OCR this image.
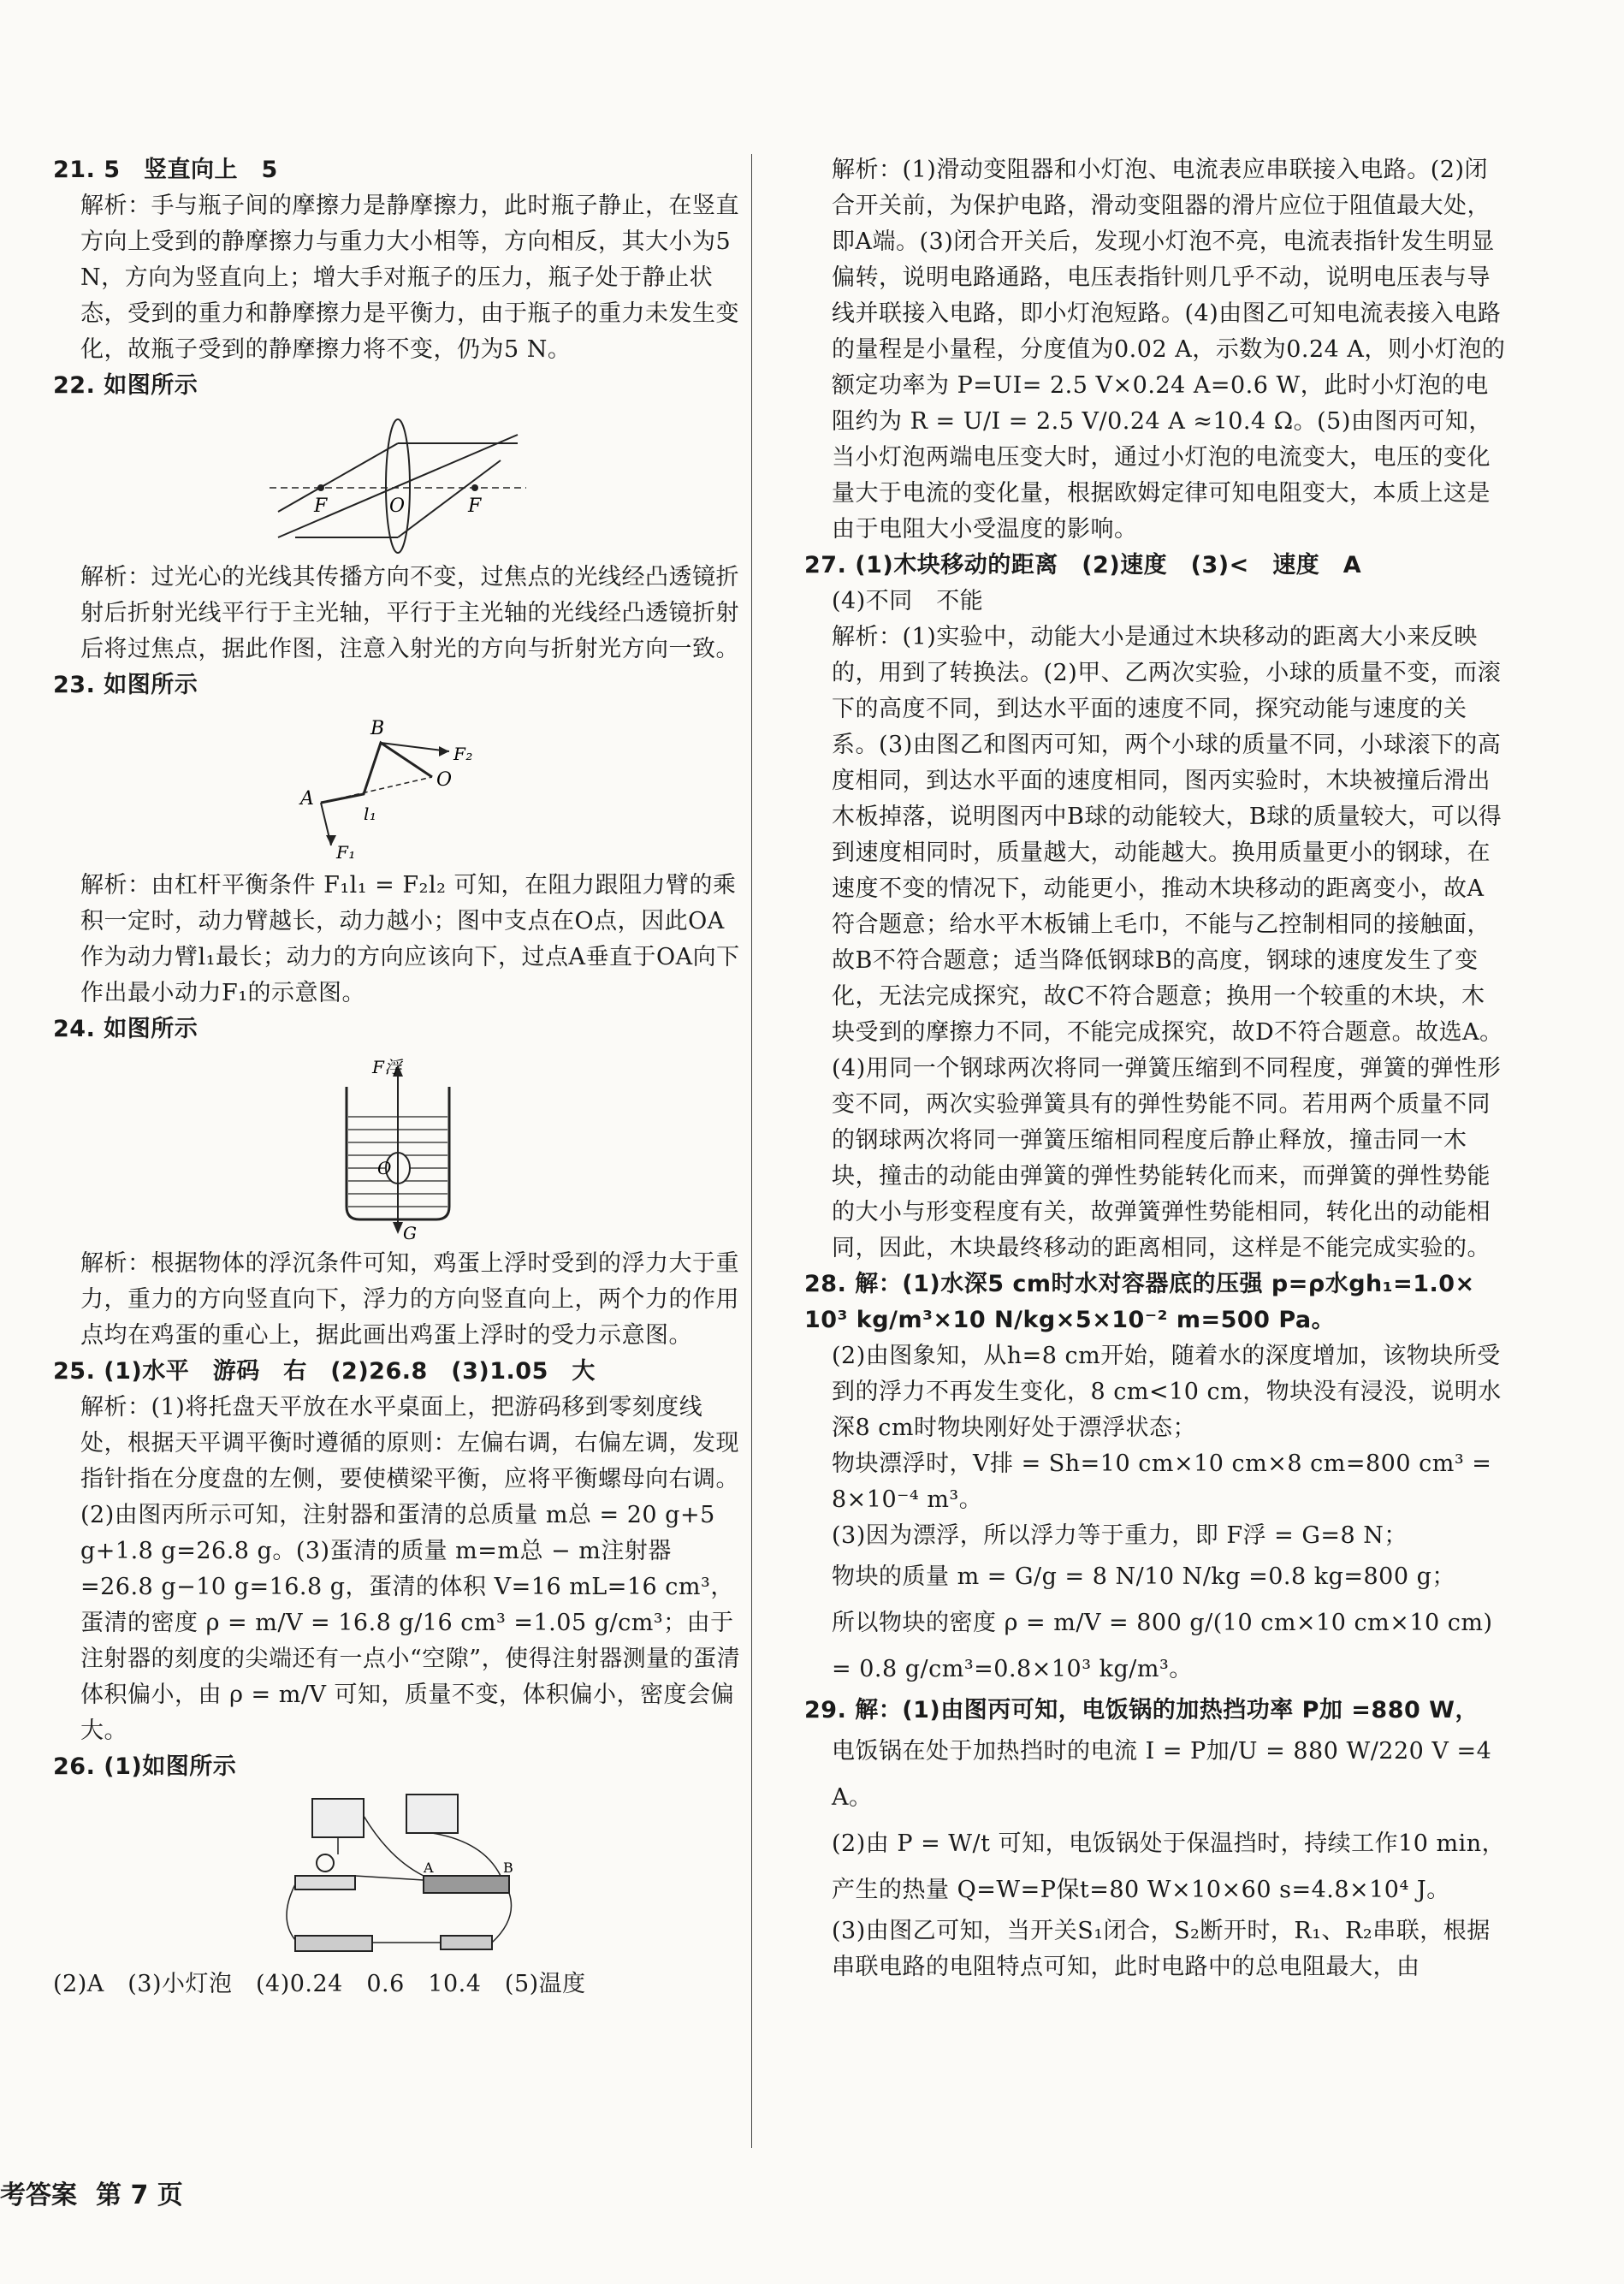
21. 5　竖直向上　5

解析：手与瓶子间的摩擦力是静摩擦力，此时瓶子静止，在竖直方向上受到的静摩擦力与重力大小相等，方向相反，其大小为5 N，方向为竖直向上；增大手对瓶子的压力，瓶子处于静止状态，受到的重力和静摩擦力是平衡力，由于瓶子的重力未发生变化，故瓶子受到的静摩擦力将不变，仍为5 N。

22. 如图所示

F	O	F

解析：过光心的光线其传播方向不变，过焦点的光线经凸透镜折射后折射光线平行于主光轴，平行于主光轴的光线经凸透镜折射后将过焦点，据此作图，注意入射光的方向与折射光方向一致。

23. 如图所示

B
O
A
F₂
F₁
l₁

解析：由杠杆平衡条件 F₁l₁ = F₂l₂ 可知，在阻力跟阻力臂的乘积一定时，动力臂越长，动力越小；图中支点在O点，因此OA作为动力臂l₁最长；动力的方向应该向下，过点A垂直于OA向下作出最小动力F₁的示意图。

24. 如图所示

F浮
G
O

解析：根据物体的浮沉条件可知，鸡蛋上浮时受到的浮力大于重力，重力的方向竖直向下，浮力的方向竖直向上，两个力的作用点均在鸡蛋的重心上，据此画出鸡蛋上浮时的受力示意图。

25. (1)水平　游码　右　(2)26.8　(3)1.05　大

解析：(1)将托盘天平放在水平桌面上，把游码移到零刻度线处，根据天平调平衡时遵循的原则：左偏右调，右偏左调，发现指针指在分度盘的左侧，要使横梁平衡，应将平衡螺母向右调。(2)由图丙所示可知，注射器和蛋清的总质量 m总 = 20 g+5 g+1.8 g=26.8 g。(3)蛋清的质量 m=m总 − m注射器 =26.8 g−10 g=16.8 g，蛋清的体积 V=16 mL=16 cm³，蛋清的密度 ρ = m/V = 16.8 g/16 cm³ =1.05 g/cm³；由于注射器的刻度的尖端还有一点小“空隙”，使得注射器测量的蛋清体积偏小，由 ρ = m/V 可知，质量不变，体积偏小，密度会偏大。

26. (1)如图所示

A	B

(2)A　(3)小灯泡　(4)0.24　0.6　10.4　(5)温度

解析：(1)滑动变阻器和小灯泡、电流表应串联接入电路。(2)闭合开关前，为保护电路，滑动变阻器的滑片应位于阻值最大处，即A端。(3)闭合开关后，发现小灯泡不亮，电流表指针发生明显偏转，说明电路通路，电压表指针则几乎不动，说明电压表与导线并联接入电路，即小灯泡短路。(4)由图乙可知电流表接入电路的量程是小量程，分度值为0.02 A，示数为0.24 A，则小灯泡的额定功率为 P=UI= 2.5 V×0.24 A=0.6 W，此时小灯泡的电阻约为 R = U/I = 2.5 V/0.24 A ≈10.4 Ω。(5)由图丙可知，当小灯泡两端电压变大时，通过小灯泡的电流变大，电压的变化量大于电流的变化量，根据欧姆定律可知电阻变大，本质上这是由于电阻大小受温度的影响。

27. (1)木块移动的距离　(2)速度　(3)<　速度　A

(4)不同　不能

解析：(1)实验中，动能大小是通过木块移动的距离大小来反映的，用到了转换法。(2)甲、乙两次实验，小球的质量不变，而滚下的高度不同，到达水平面的速度不同，探究动能与速度的关系。(3)由图乙和图丙可知，两个小球的质量不同，小球滚下的高度相同，到达水平面的速度相同，图丙实验时，木块被撞后滑出木板掉落，说明图丙中B球的动能较大，B球的质量较大，可以得到速度相同时，质量越大，动能越大。换用质量更小的钢球，在速度不变的情况下，动能更小，推动木块移动的距离变小，故A符合题意；给水平木板铺上毛巾，不能与乙控制相同的接触面，故B不符合题意；适当降低钢球B的高度，钢球的速度发生了变化，无法完成探究，故C不符合题意；换用一个较重的木块，木块受到的摩擦力不同，不能完成探究，故D不符合题意。故选A。(4)用同一个钢球两次将同一弹簧压缩到不同程度，弹簧的弹性形变不同，两次实验弹簧具有的弹性势能不同。若用两个质量不同的钢球两次将同一弹簧压缩相同程度后静止释放，撞击同一木块，撞击的动能由弹簧的弹性势能转化而来，而弹簧的弹性势能的大小与形变程度有关，故弹簧弹性势能相同，转化出的动能相同，因此，木块最终移动的距离相同，这样是不能完成实验的。

28. 解：(1)水深5 cm时水对容器底的压强 p=ρ水gh₁=1.0× 10³ kg/m³×10 N/kg×5×10⁻² m=500 Pa。

(2)由图象知，从h=8 cm开始，随着水的深度增加，该物块所受到的浮力不再发生变化，8 cm<10 cm，物块没有浸没，说明水深8 cm时物块刚好处于漂浮状态；

物块漂浮时，V排 = Sh=10 cm×10 cm×8 cm=800 cm³ = 8×10⁻⁴ m³。

(3)因为漂浮，所以浮力等于重力，即 F浮 = G=8 N；

物块的质量 m = G/g = 8 N/10 N/kg =0.8 kg=800 g；

所以物块的密度 ρ = m/V = 800 g/(10 cm×10 cm×10 cm) = 0.8 g/cm³=0.8×10³ kg/m³。

29. 解：(1)由图丙可知，电饭锅的加热挡功率 P加 =880 W，

电饭锅在处于加热挡时的电流 I = P加/U = 880 W/220 V =4 A。

(2)由 P = W/t 可知，电饭锅处于保温挡时，持续工作10 min，产生的热量 Q=W=P保t=80 W×10×60 s=4.8×10⁴ J。

(3)由图乙可知，当开关S₁闭合，S₂断开时，R₁、R₂串联，根据串联电路的电阻特点可知，此时电路中的总电阻最大，由

考答案 第 7 页
